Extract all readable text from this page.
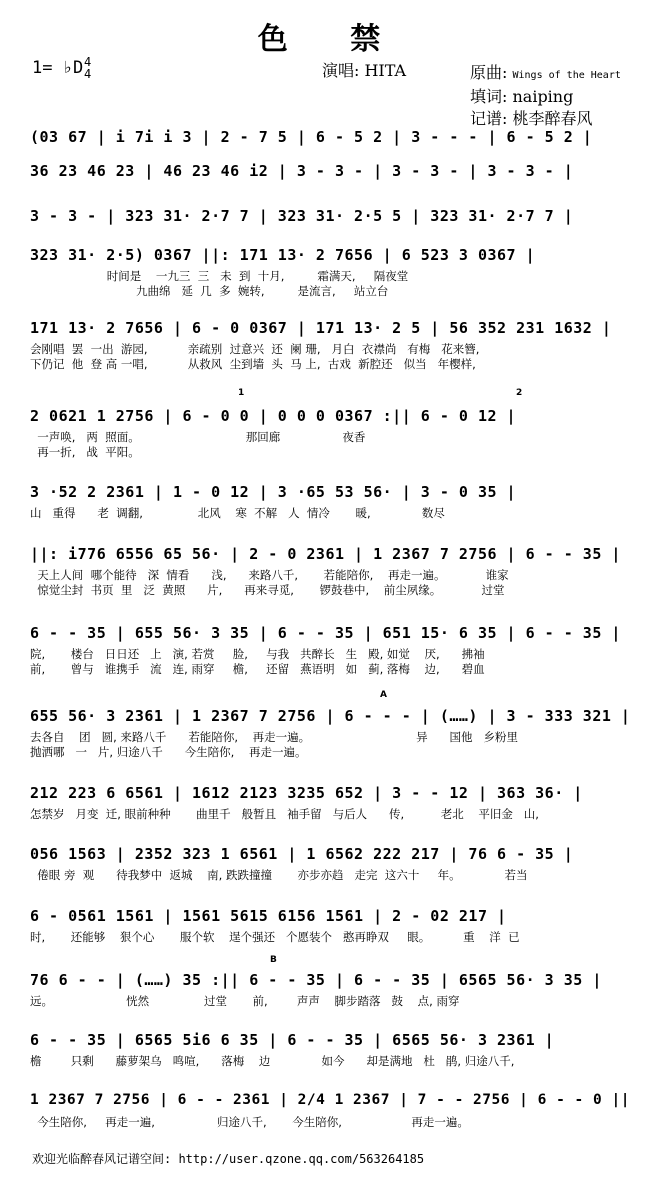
色 禁
1= ♭D 4
4	演唱: HITA	原曲: Wings of the Heart
填词: naiping
记谱: 桃李醉春风
(03 67 | i 7i i 3 | 2 - 7 5 | 6 - 5 2 | 3 - - - | 6 - 5 2 |
36 23 46 23 | 46 23 46 i2 | 3 - 3 - | 3 - 3 - | 3 - 3 - |
3 - 3 - | 323 31· 2·7 7 | 323 31· 2·5 5 | 323 31· 2·7 7 |
323 31· 2·5) 0367 ||: 171 13· 2 7656 | 6 523 3 0367 |
时间是    一九三  三   未  到  十月,         霜满天,     隔夜堂
九曲绵   延  几  多  婉转,         是流言,     站立台
171 13· 2 7656 | 6 - 0 0367 | 171 13· 2 5 | 56 352 231 1632 |
会刚唱  罢  一出  游园,           亲疏别  过意兴  还  阑 珊,   月白  衣襟尚   有梅   花来簪,
下仍记  他  登 高 一唱,           从救风  尘到墙  头  马 上,  古戏  新腔还   似当   年樱样,
2 0621 1 2756 | 6 - 0 0 | 0 0 0 0367 :|| 6 - 0 12 |
一声唤,   两  照面。                             那回廊                 夜香
再一折,   战  平阳。
3 ·52 2 2361 | 1 - 0 12 | 3 ·65 53 56· | 3 - 0 35 |
山   重得      老  调翻,               北风    寒  不解   人  情冷       暖,              数尽
||: i776 6556 65 56· | 2 - 0 2361 | 1 2367 7 2756 | 6 - - 35 |
天上人间  哪个能待   深  情看      浅,      来路八千,       若能陪你,    再走一遍。           谁家
惊觉尘封  书页  里   泛  黄照      片,      再来寻觅,       锣鼓巷中,    前尘夙缘。           过堂
6 - - 35 | 655 56· 3 35 | 6 - - 35 | 651 15· 6 35 | 6 - - 35 |
院,       楼台   日日还   上   演, 若赏     脸,     与我   共醉长   生   殿, 如觉    厌,      拂袖
前,       曾与   谁携手   流   连, 雨穿     檐,     还留   燕语明   如   蓟, 落梅    边,      碧血
655 56· 3 2361 | 1 2367 7 2756 | 6 - - - | (……) | 3 - 333 321 |
去各自    团   圆, 来路八千      若能陪你,    再走一遍。                             异      国他   乡粉里
抛洒哪   一   片, 归途八千      今生陪你,    再走一遍。
212 223 6 6561 | 1612 2123 3235 652 | 3 - - 12 | 363 36· |
怎禁岁   月变  迁, 眼前种种       曲里千   般暂且   袖手留   与后人      传,          老北    平旧金   山,
056 1563 | 2352 323 1 6561 | 1 6562 222 217 | 76 6 - 35 |
倦眼 旁  观      待我梦中  返城    南, 跌跌撞撞       亦步亦趋   走完  这六十     年。            若当
6 - 0561 1561 | 1561 5615 6156 1561 | 2 - 02 217 |
时,       还能够    狠个心       服个软    逞个强还   个愿装个   憨再睁双     眼。         重    洋  已
76 6 - - | (……) 35 :|| 6 - - 35 | 6 - - 35 | 6565 56· 3 35 |
远。                    恍然               过堂       前,        声声    脚步踏落   鼓    点, 雨穿
6 - - 35 | 6565 5i6 6 35 | 6 - - 35 | 6565 56· 3 2361 |
檐        只剩      藤萝架乌   鸣喧,      落梅    边              如今      却是满地   杜   鹃, 归途八千,
1 2367 7 2756 | 6 - - 2361 | 2/4 1 2367 | 7 - - 2756 | 6 - - 0 ||
今生陪你,     再走一遍,                 归途八千,       今生陪你,                   再走一遍。
1	2
A
B
欢迎光临醉春风记谱空间: http://user.qzone.qq.com/563264185
